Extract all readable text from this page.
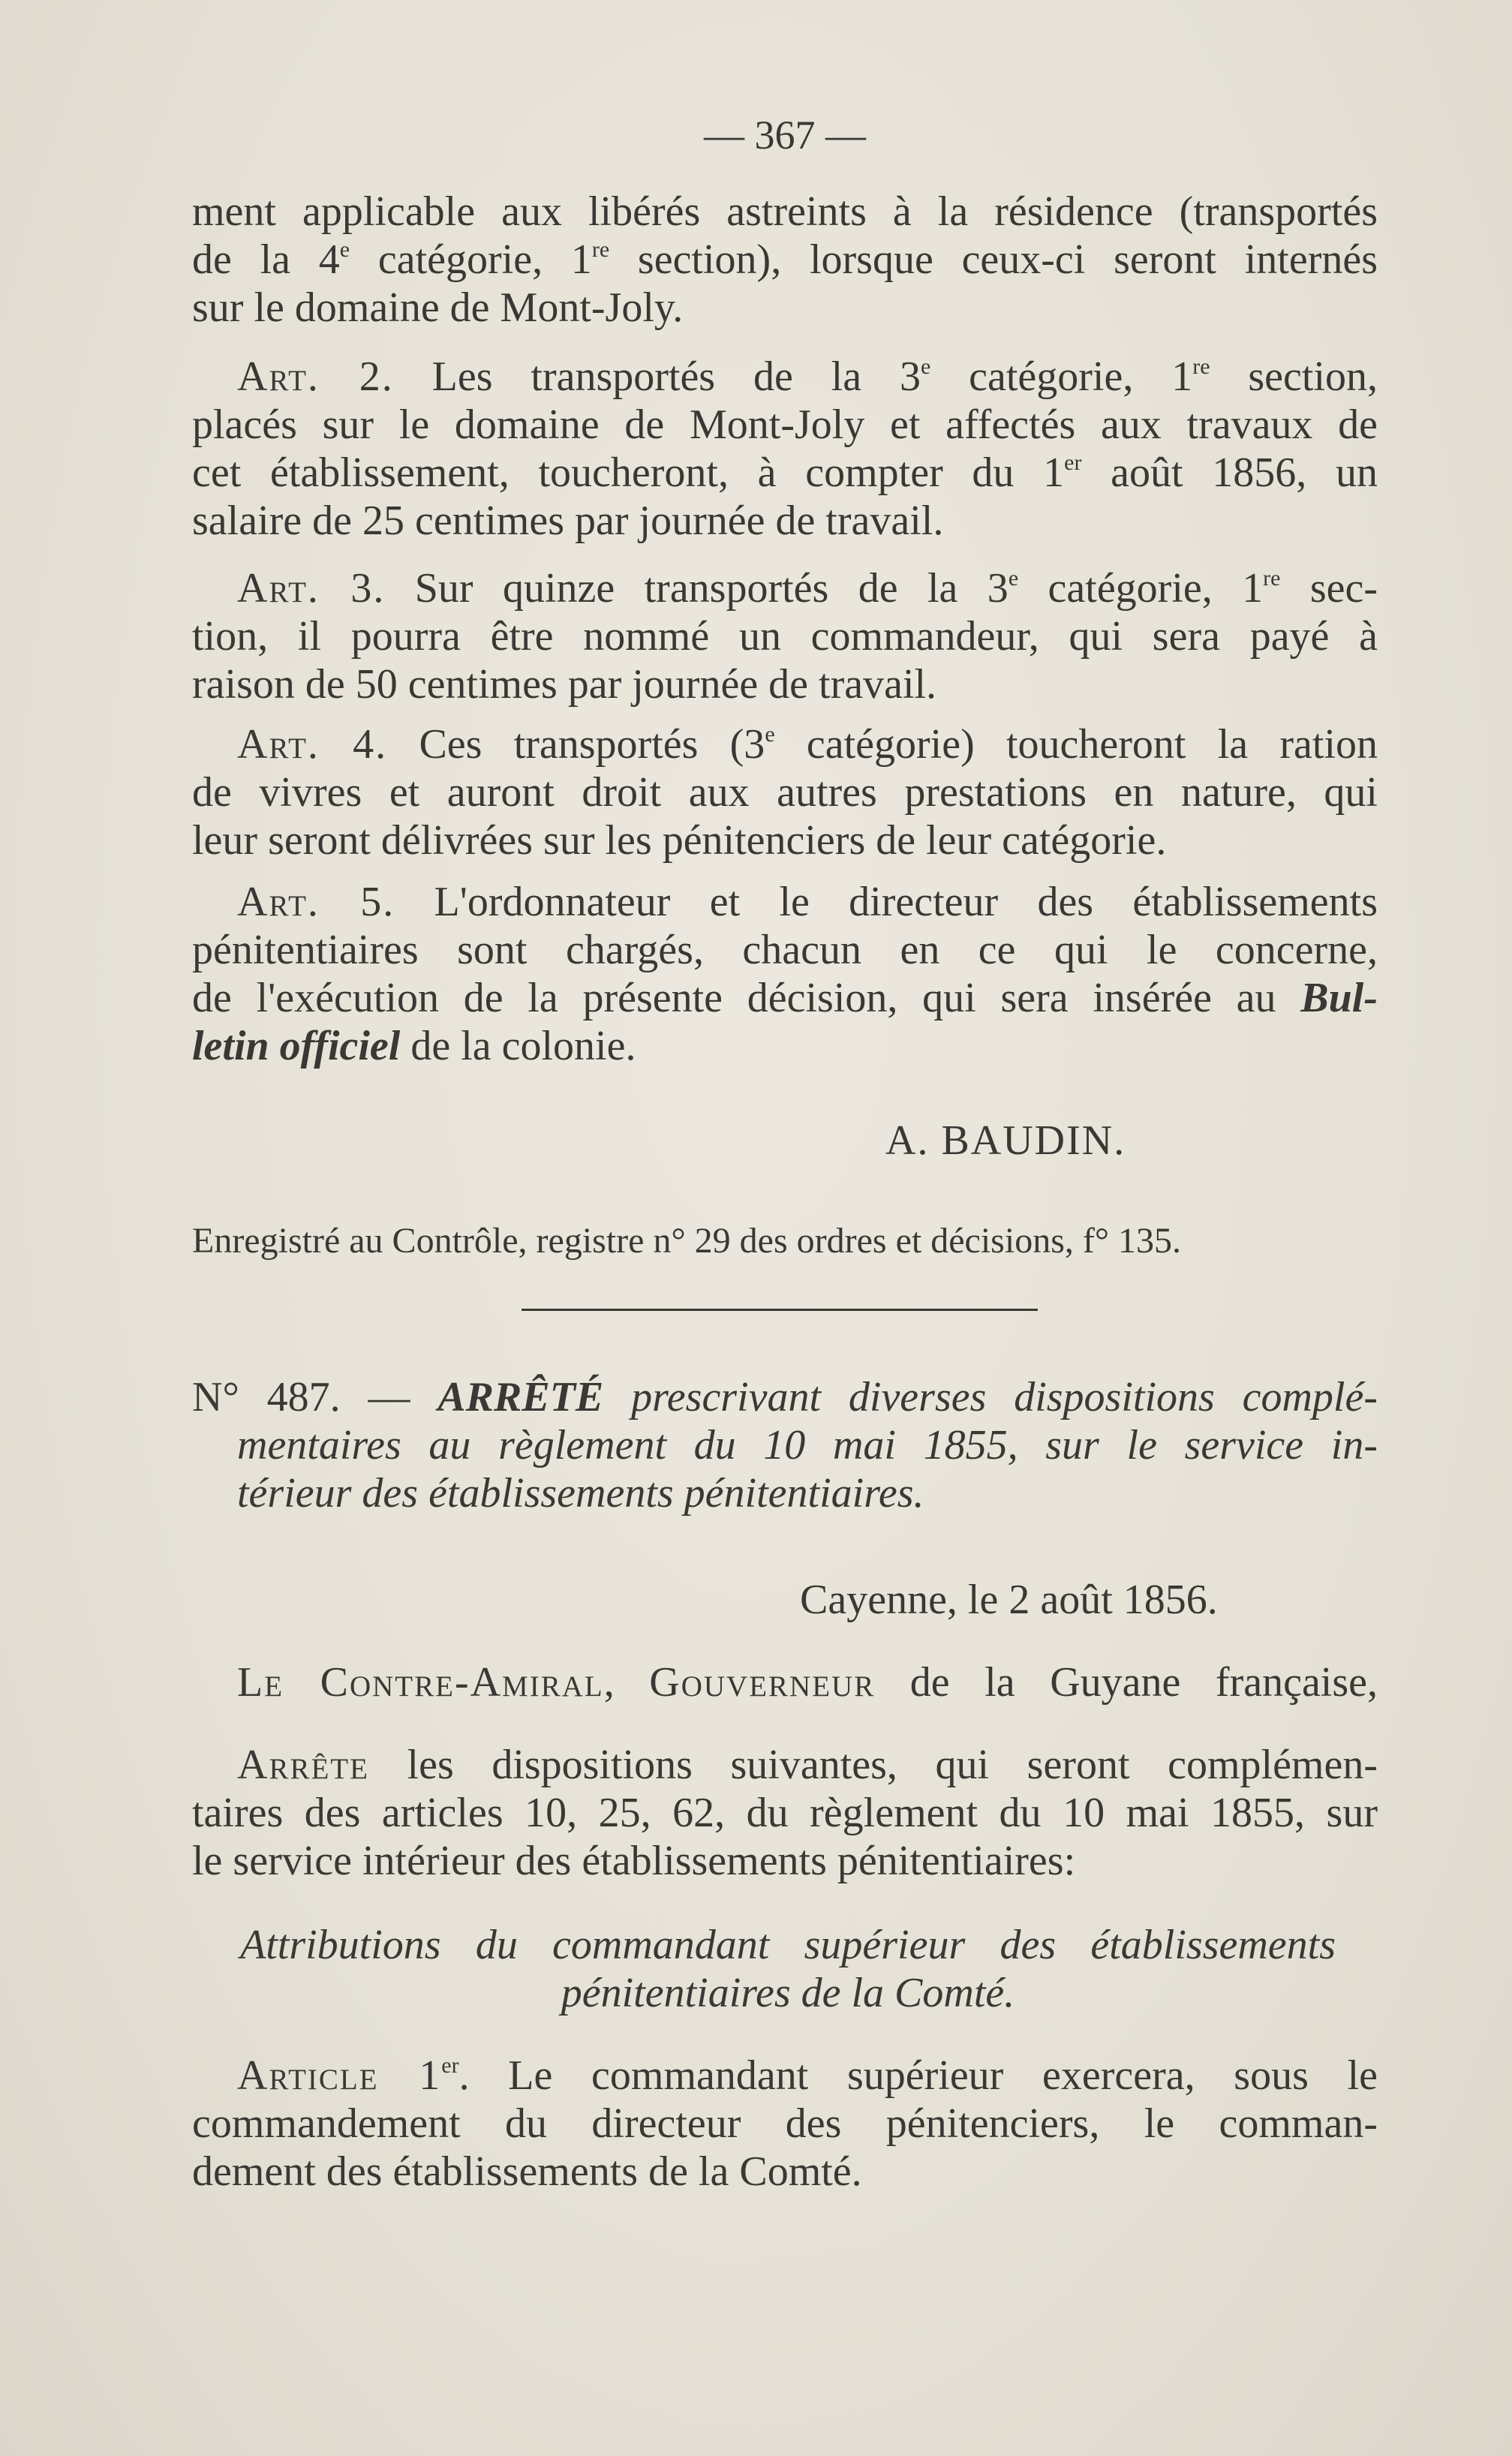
— 367 —
ment applicable aux libérés astreints à la résidence (transportés
de la 4e catégorie, 1re section), lorsque ceux-ci seront internés
sur le domaine de Mont-Joly.
Art. 2. Les transportés de la 3e catégorie, 1re section,
placés sur le domaine de Mont-Joly et affectés aux travaux de
cet établissement, toucheront, à compter du 1er août 1856, un
salaire de 25 centimes par journée de travail.
Art. 3. Sur quinze transportés de la 3e catégorie, 1re sec-
tion, il pourra être nommé un commandeur, qui sera payé à
raison de 50 centimes par journée de travail.
Art. 4. Ces transportés (3e catégorie) toucheront la ration
de vivres et auront droit aux autres prestations en nature, qui
leur seront délivrées sur les pénitenciers de leur catégorie.
Art. 5. L'ordonnateur et le directeur des établissements
pénitentiaires sont chargés, chacun en ce qui le concerne,
de l'exécution de la présente décision, qui sera insérée au Bul-
letin officiel de la colonie.
A. BAUDIN.
Enregistré au Contrôle, registre n° 29 des ordres et décisions, f° 135.
N° 487. — ARRÊTÉ prescrivant diverses dispositions complé-
mentaires au règlement du 10 mai 1855, sur le service in-
térieur des établissements pénitentiaires.
Cayenne, le 2 août 1856.
Le Contre-Amiral, Gouverneur de la Guyane française,
Arrête les dispositions suivantes, qui seront complémen-
taires des articles 10, 25, 62, du règlement du 10 mai 1855, sur
le service intérieur des établissements pénitentiaires:
Attributions du commandant supérieur des établissements
pénitentiaires de la Comté.
Article 1er. Le commandant supérieur exercera, sous le
commandement du directeur des pénitenciers, le comman-
dement des établissements de la Comté.
